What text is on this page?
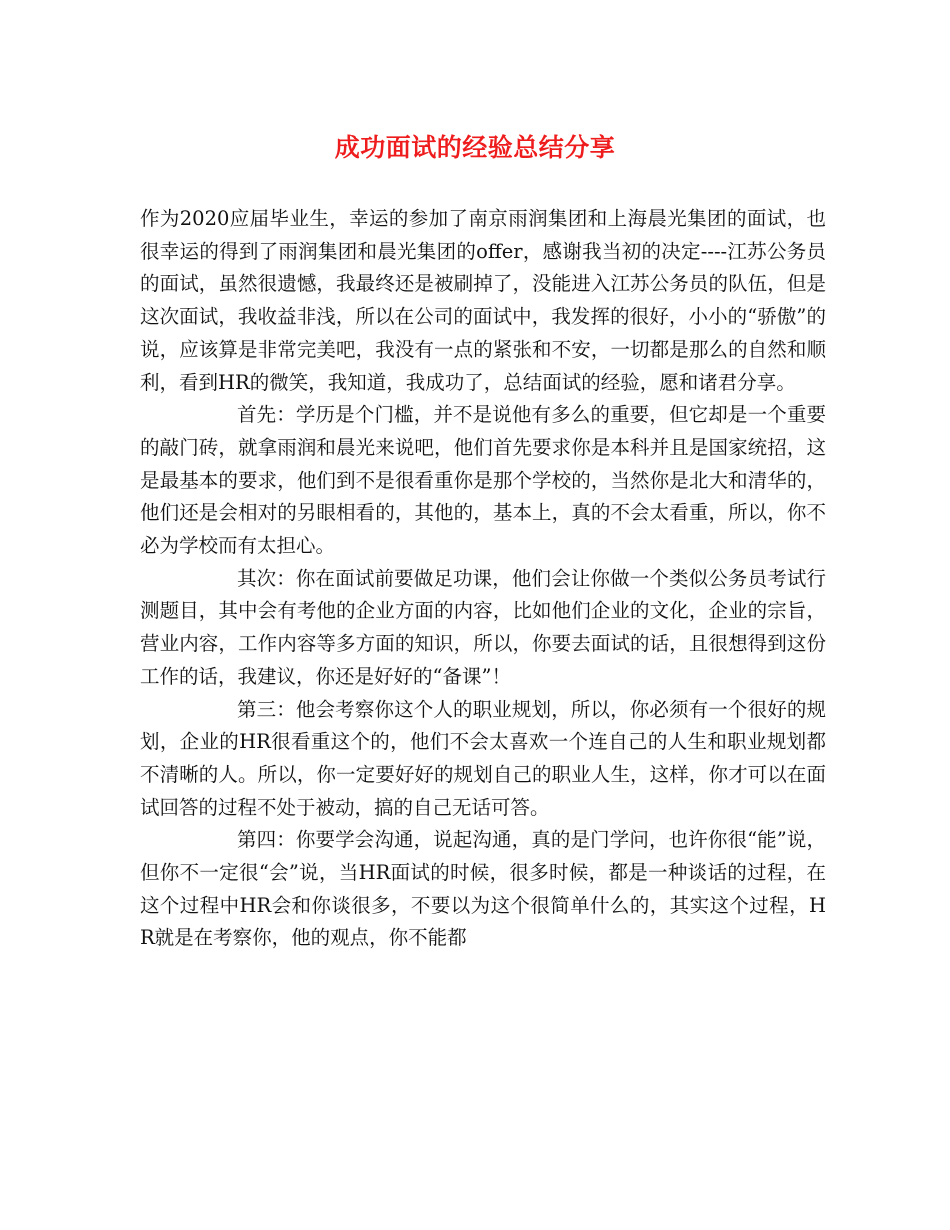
成功面试的经验总结分享

作为2020应届毕业生，幸运的参加了南京雨润集团和上海晨光集团的面试，也很幸运的得到了雨润集团和晨光集团的offer，感谢我当初的决定----江苏公务员的面试，虽然很遗憾，我最终还是被刷掉了，没能进入江苏公务员的队伍，但是这次面试，我收益非浅，所以在公司的面试中，我发挥的很好，小小的“骄傲”的说，应该算是非常完美吧，我没有一点的紧张和不安，一切都是那么的自然和顺利，看到HR的微笑，我知道，我成功了，总结面试的经验，愿和诸君分享。

首先：学历是个门槛，并不是说他有多么的重要，但它却是一个重要的敲门砖，就拿雨润和晨光来说吧，他们首先要求你是本科并且是国家统招，这是最基本的要求，他们到不是很看重你是那个学校的，当然你是北大和清华的，他们还是会相对的另眼相看的，其他的，基本上，真的不会太看重，所以，你不必为学校而有太担心。

其次：你在面试前要做足功课，他们会让你做一个类似公务员考试行测题目，其中会有考他的企业方面的内容，比如他们企业的文化，企业的宗旨，营业内容，工作内容等多方面的知识，所以，你要去面试的话，且很想得到这份工作的话，我建议，你还是好好的“备课”！

第三：他会考察你这个人的职业规划，所以，你必须有一个很好的规划，企业的HR很看重这个的，他们不会太喜欢一个连自己的人生和职业规划都不清晰的人。所以，你一定要好好的规划自己的职业人生，这样，你才可以在面试回答的过程不处于被动，搞的自己无话可答。

第四：你要学会沟通，说起沟通，真的是门学问，也许你很“能”说，但你不一定很“会”说，当HR面试的时候，很多时候，都是一种谈话的过程，在这个过程中HR会和你谈很多，不要以为这个很简单什么的，其实这个过程，HR就是在考察你，他的观点，你不能都
